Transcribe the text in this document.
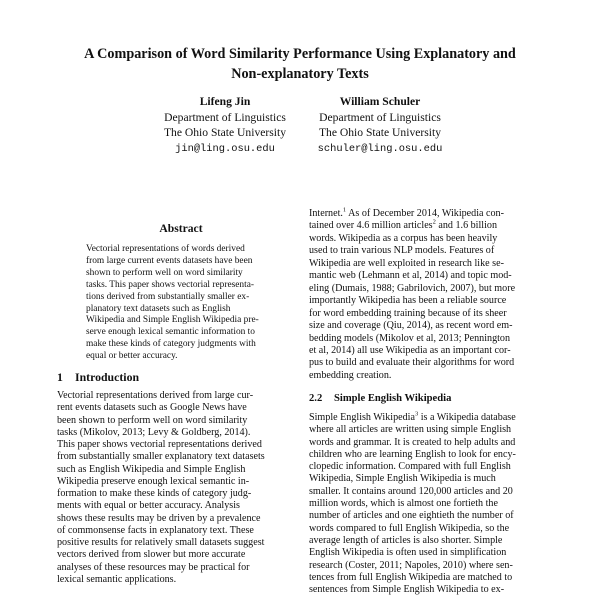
A Comparison of Word Similarity Performance Using Explanatory and
Non-explanatory Texts
Lifeng Jin
Department of Linguistics
The Ohio State University
jin@ling.osu.edu
William Schuler
Department of Linguistics
The Ohio State University
schuler@ling.osu.edu
Abstract
Vectorial representations of words derived
from large current events datasets have been
shown to perform well on word similarity
tasks. This paper shows vectorial representa-
tions derived from substantially smaller ex-
planatory text datasets such as English
Wikipedia and Simple English Wikipedia pre-
serve enough lexical semantic information to
make these kinds of category judgments with
equal or better accuracy.
1 Introduction
Vectorial representations derived from large cur-
rent events datasets such as Google News have
been shown to perform well on word similarity
tasks (Mikolov, 2013; Levy & Goldberg, 2014).
This paper shows vectorial representations derived
from substantially smaller explanatory text datasets
such as English Wikipedia and Simple English
Wikipedia preserve enough lexical semantic in-
formation to make these kinds of category judg-
ments with equal or better accuracy. Analysis
shows these results may be driven by a prevalence
of commonsense facts in explanatory text. These
positive results for relatively small datasets suggest
vectors derived from slower but more accurate
analyses of these resources may be practical for
lexical semantic applications.
Internet.$^1$ As of December 2014, Wikipedia con-
tained over 4.6 million articles$^2$ and 1.6 billion
words. Wikipedia as a corpus has been heavily
used to train various NLP models. Features of
Wikipedia are well exploited in research like se-
mantic web (Lehmann et al, 2014) and topic mod-
eling (Dumais, 1988; Gabrilovich, 2007), but more
importantly Wikipedia has been a reliable source
for word embedding training because of its sheer
size and coverage (Qiu, 2014), as recent word em-
bedding models (Mikolov et al, 2013; Pennington
et al, 2014) all use Wikipedia as an important cor-
pus to build and evaluate their algorithms for word
embedding creation.
2.2 Simple English Wikipedia
Simple English Wikipedia$^3$ is a Wikipedia database
where all articles are written using simple English
words and grammar. It is created to help adults and
children who are learning English to look for ency-
clopedic information. Compared with full English
Wikipedia, Simple English Wikipedia is much
smaller. It contains around 120,000 articles and 20
million words, which is almost one fortieth the
number of articles and one eightieth the number of
words compared to full English Wikipedia, so the
average length of articles is also shorter. Simple
English Wikipedia is often used in simplification
research (Coster, 2011; Napoles, 2010) where sen-
tences from full English Wikipedia are matched to
sentences from Simple English Wikipedia to ex-
